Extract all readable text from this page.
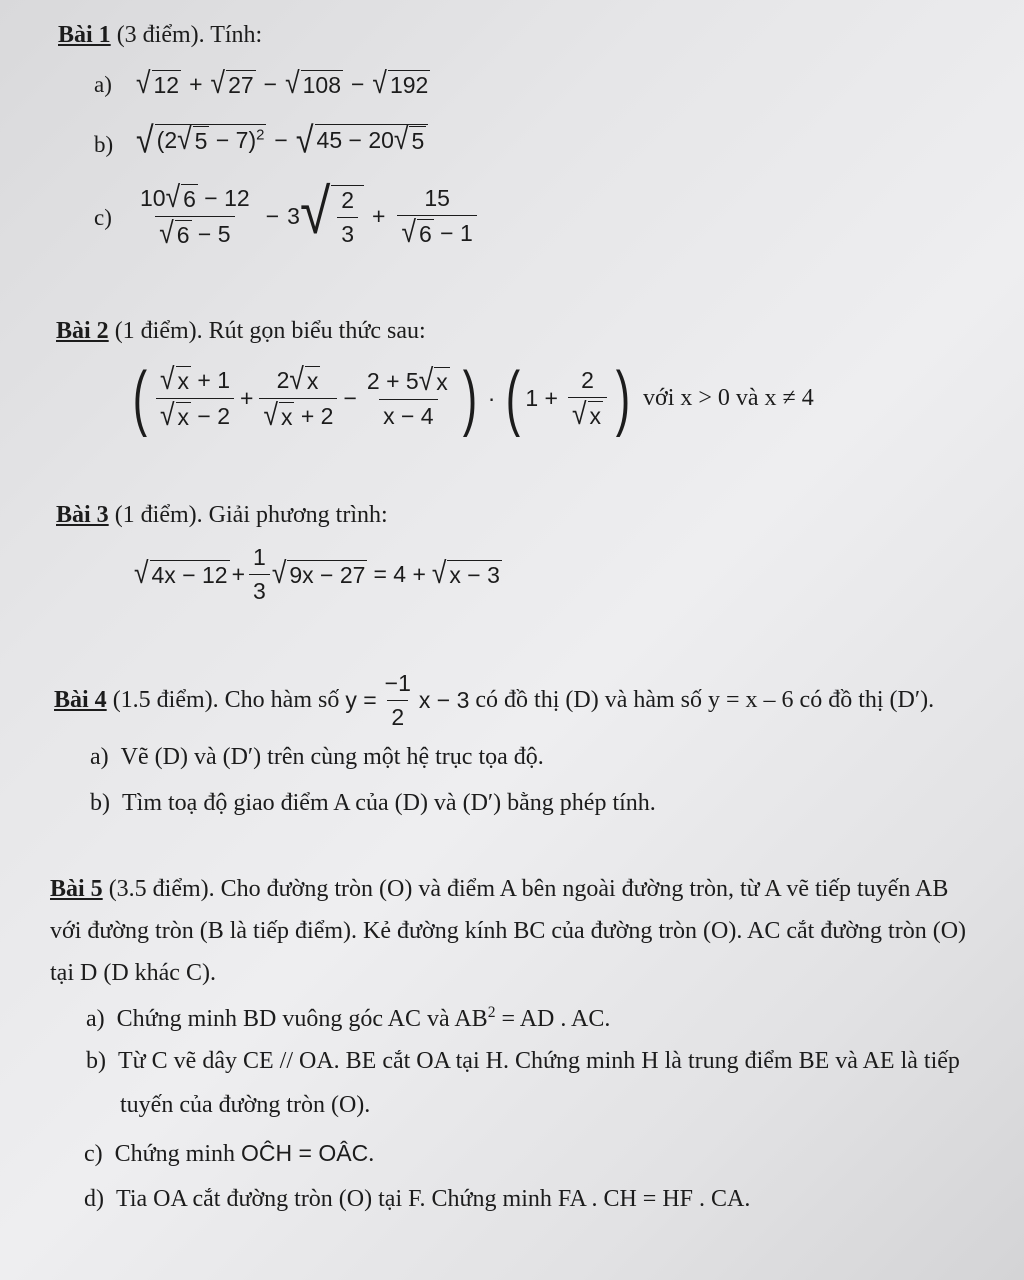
Bài 1 (3 điểm). Tính:
a) √ 12 + √ 27 − √ 108 − √ 192
b) √ (2 √ 5 − 7)$^2$ − √ 45 − 20 √ 5
$c) \frac{10 √ 6 - 12}{√ 6 - 5} - 3$ √ $\frac{2}{3} + \frac{15}{√ 6 - 1}$
Bài 2 (1 điểm). Rút gọn biểu thức sau:
( $\frac{√ x + 1}{√ x - 2} + \frac{2 √ x}{√ x + 2} - \frac{2 + 5 √ x}{x - 4}$ ) · ( $1 + \frac{2}{√ x}$ ) với x > 0 và x ≠ 4
Bài 3 (1 điểm). Giải phương trình:
√ $4x - 12 + \frac{1}{3}$ √ 9x − 27 = 4 + √ x − 3
Bài 4 (1.5 điểm). Cho hàm số $y = \frac{-1}{2}$ x − 3 có đồ thị (D) và hàm số y = x – 6 có đồ thị (D′).
a) Vẽ (D) và (D′) trên cùng một hệ trục tọa độ.
b) Tìm toạ độ giao điểm A của (D) và (D′) bằng phép tính.
Bài 5 (3.5 điểm). Cho đường tròn (O) và điểm A bên ngoài đường tròn, từ A vẽ tiếp tuyến AB
với đường tròn (B là tiếp điểm). Kẻ đường kính BC của đường tròn (O). AC cắt đường tròn (O)
tại D (D khác C).
a) Chứng minh BD vuông góc AC và $AB^2$ = AD . AC.
b) Từ C vẽ dây CE // OA. BE cắt OA tại H. Chứng minh H là trung điểm BE và AE là tiếp
tuyến của đường tròn (O).
c) Chứng minh OĈH = OÂC.
d) Tia OA cắt đường tròn (O) tại F. Chứng minh FA . CH = HF . CA.
